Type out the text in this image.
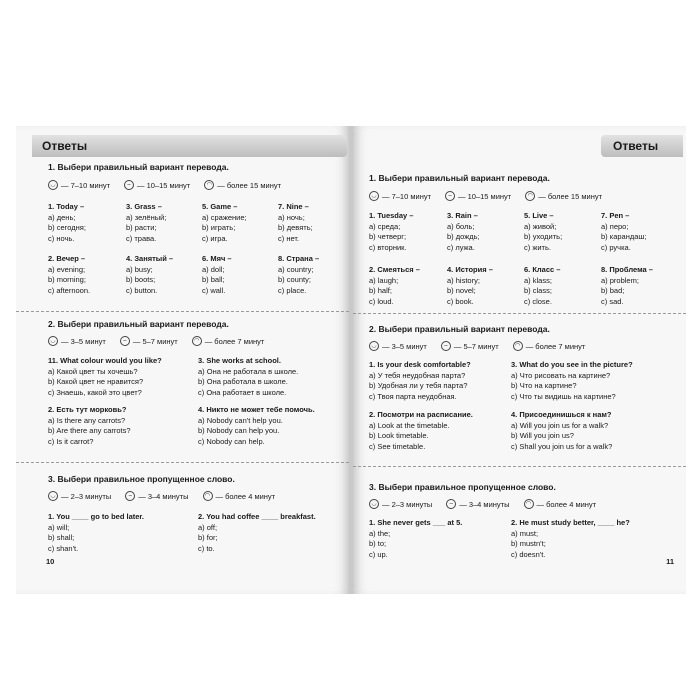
Ответы
1. Выбери правильный вариант перевода.
◡ — 7–10 минут	– — 10–15 минут	◠ — более 15 минут
1. Today –
a) день;
b) сегодня;
c) ночь.
3. Grass –
a) зелёный;
b) расти;
c) трава.
5. Game –
a) сражение;
b) играть;
c) игра.
7. Nine –
a) ночь;
b) девять;
c) нет.
2. Вечер –
a) evening;
b) morning;
c) afternoon.
4. Занятый –
a) busy;
b) boots;
c) button.
6. Мяч –
a) doll;
b) ball;
c) wall.
8. Страна –
a) country;
b) county;
c) place.
2. Выбери правильный вариант перевода.
◡ — 3–5 минут	– — 5–7 минут	◠ — более 7 минут
11. What colour would you like?
a) Какой цвет ты хочешь?
b) Какой цвет не нравится?
c) Знаешь, какой это цвет?
3. She works at school.
a) Она не работала в школе.
b) Она работала в школе.
c) Она работает в школе.
2. Есть тут морковь?
a) Is there any carrots?
b) Are there any carrots?
c) Is it carrot?
4. Никто не может тебе помочь.
a) Nobody can't help you.
b) Nobody can help you.
c) Nobody can help.
3. Выбери правильное пропущенное слово.
◡ — 2–3 минуты	– — 3–4 минуты	◠ — более 4 минут
1. You ____ go to bed later.
a) will;
b) shall;
c) shan't.
2. You had coffee ____ breakfast.
a) off;
b) for;
c) to.
10
Ответы
1. Выбери правильный вариант перевода.
◡ — 7–10 минут	– — 10–15 минут	◠ — более 15 минут
1. Tuesday –
a) среда;
b) четверг;
c) вторник.
3. Rain –
a) боль;
b) дождь;
c) лужа.
5. Live –
a) живой;
b) уходить;
c) жить.
7. Pen –
a) перо;
b) карандаш;
c) ручка.
2. Смеяться –
a) laugh;
b) half;
c) loud.
4. История –
a) history;
b) novel;
c) book.
6. Класс –
a) klass;
b) class;
c) close.
8. Проблема –
a) problem;
b) bad;
c) sad.
2. Выбери правильный вариант перевода.
◡ — 3–5 минут	– — 5–7 минут	◠ — более 7 минут
1. Is your desk comfortable?
a) У тебя неудобная парта?
b) Удобная ли у тебя парта?
c) Твоя парта неудобная.
3. What do you see in the picture?
a) Что рисовать на картине?
b) Что на картине?
c) Что ты видишь на картине?
2. Посмотри на расписание.
a) Look at the timetable.
b) Look timetable.
c) See timetable.
4. Присоединишься к нам?
a) Will you join us for a walk?
b) Will you join us?
c) Shall you join us for a walk?
3. Выбери правильное пропущенное слово.
◡ — 2–3 минуты	– — 3–4 минуты	◠ — более 4 минут
1. She never gets ___ at 5.
a) the;
b) to;
c) up.
2. He must study better, ____ he?
a) must;
b) mustn't;
c) doesn't.
11
